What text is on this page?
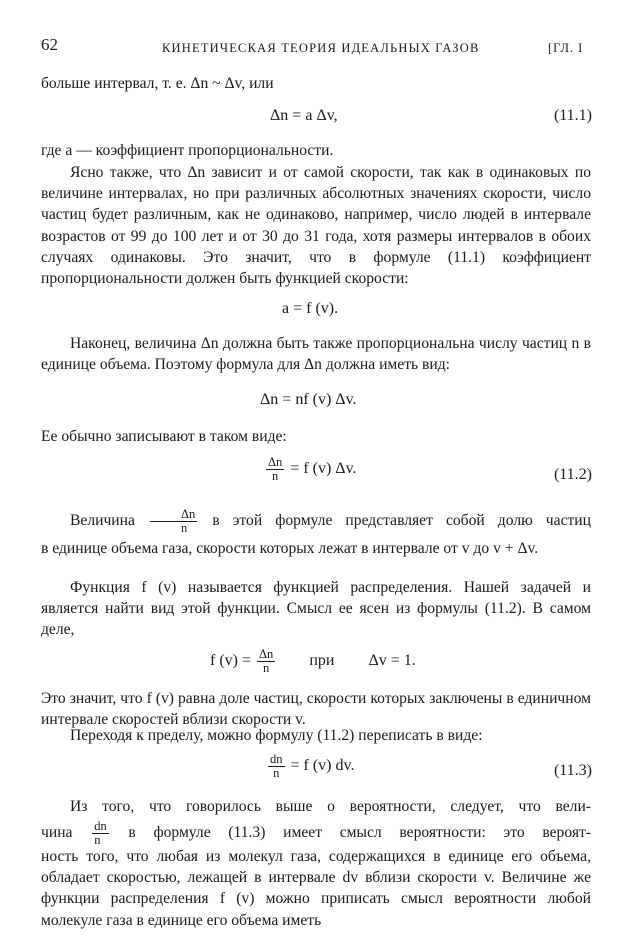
62	КИНЕТИЧЕСКАЯ ТЕОРИЯ ИДЕАЛЬНЫХ ГАЗОВ	[ГЛ. I
больше интервал, т. е. Δn ~ Δv, или
Δn = a Δv,	(11.1)
где a — коэффициент пропорциональности.
Ясно также, что Δn зависит и от самой скорости, так как в одинаковых по величине интервалах, но при различных абсолютных значениях скорости, число частиц будет различным, как не одинаково, например, число людей в интервале возрастов от 99 до 100 лет и от 30 до 31 года, хотя размеры интервалов в обоих случаях одинаковы. Это значит, что в формуле (11.1) коэффициент пропорциональности должен быть функцией скорости:
a = f (v).
Наконец, величина Δn должна быть также пропорциональна числу частиц n в единице объема. Поэтому формула для Δn должна иметь вид:
Δn = nf (v) Δv.
Ее обычно записывают в таком виде:
$\frac{\Delta n}{n} = f$ (v) Δv.	(11.2)
Величина $\frac{\Delta n}{n}$ в этой формуле представляет собой долю частиц
в единице объема газа, скорости которых лежат в интервале от v до v + Δv.
Функция f (v) называется функцией распределения. Нашей задачей и является найти вид этой функции. Смысл ее ясен из формулы (11.2). В самом деле,
f $(v) = \frac{\Delta n}{n}$ при Δv = 1.
Это значит, что f (v) равна доле частиц, скорости которых заключены в единичном интервале скоростей вблизи скорости v.
Переходя к пределу, можно формулу (11.2) переписать в виде:
$\frac{dn}{n} = f$ (v) dv.	(11.3)
Из того, что говорилось выше о вероятности, следует, что вели-
чина $\frac{dn}{n}$ в формуле (11.3) имеет смысл вероятности: это вероят-
ность того, что любая из молекул газа, содержащихся в единице его объема, обладает скоростью, лежащей в интервале dv вблизи скорости v. Величине же функции распределения f (v) можно приписать смысл вероятности любой молекуле газа в единице его объема иметь
